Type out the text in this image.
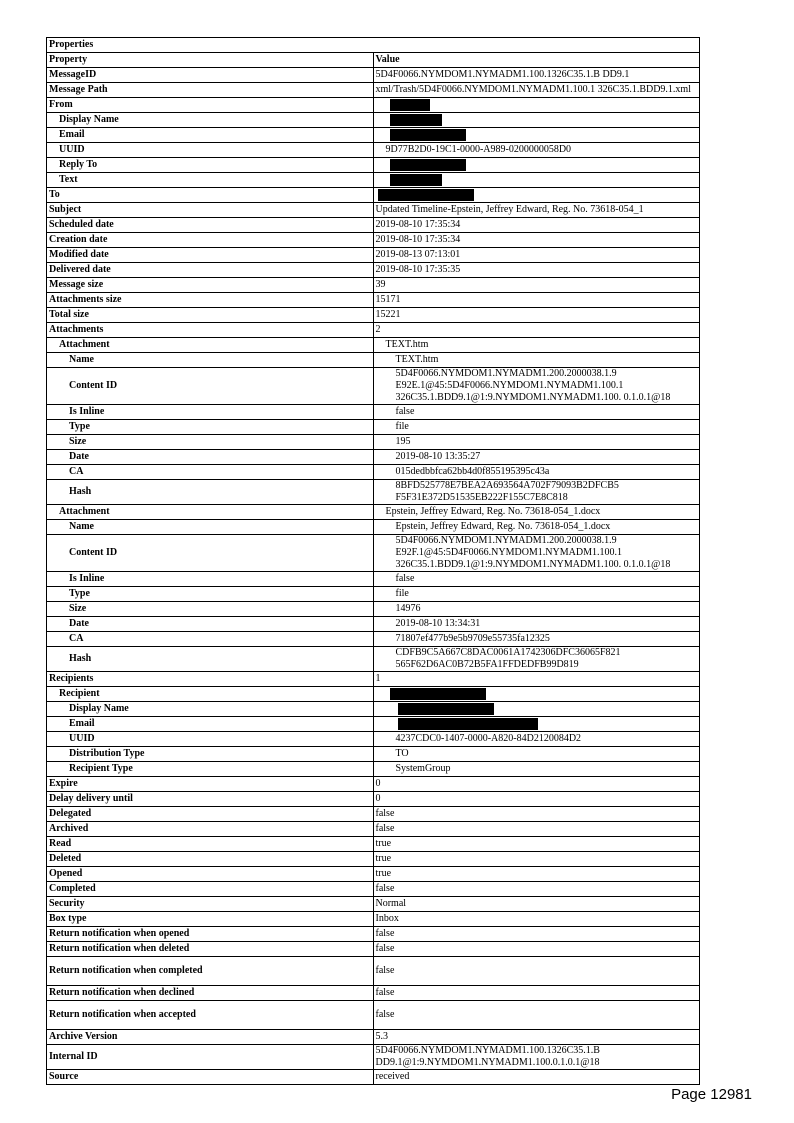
Properties	
Property	Value
MessageID	5D4F0066.NYMDOM1.NYMADM1.100.1326C35.1.B DD9.1
Message Path	xml/Trash/5D4F0066.NYMDOM1.NYMADM1.100.1 326C35.1.BDD9.1.xml
From	
Display Name	
Email	
UUID	9D77B2D0-19C1-0000-A989-0200000058D0
Reply To	
Text	
To	
Subject	Updated Timeline-Epstein, Jeffrey Edward, Reg. No. 73618-054_1
Scheduled date	2019-08-10 17:35:34
Creation date	2019-08-10 17:35:34
Modified date	2019-08-13 07:13:01
Delivered date	2019-08-10 17:35:35
Message size	39
Attachments size	15171
Total size	15221
Attachments	2
Attachment	TEXT.htm
Name	TEXT.htm
Content ID	5D4F0066.NYMDOM1.NYMADM1.200.2000038.1.9
E92E.1@45:5D4F0066.NYMDOM1.NYMADM1.100.1
326C35.1.BDD9.1@1:9.NYMDOM1.NYMADM1.100. 0.1.0.1@18

Is Inline	false
Type	file
Size	195
Date	2019-08-10 13:35:27
CA	015dedbbfca62bb4d0f855195395c43a
Hash	8BFD525778E7BEA2A693564A702F79093B2DFCB5 F5F31E372D51535EB222F155C7E8C818
Attachment	Epstein, Jeffrey Edward, Reg. No. 73618-054_1.docx
Name	Epstein, Jeffrey Edward, Reg. No. 73618-054_1.docx
Content ID	5D4F0066.NYMDOM1.NYMADM1.200.2000038.1.9
E92F.1@45:5D4F0066.NYMDOM1.NYMADM1.100.1
326C35.1.BDD9.1@1:9.NYMDOM1.NYMADM1.100. 0.1.0.1@18

Is Inline	false
Type	file
Size	14976
Date	2019-08-10 13:34:31
CA	71807ef477b9e5b9709e55735fa12325
Hash	CDFB9C5A667C8DAC0061A1742306DFC36065F821 565F62D6AC0B72B5FA1FFDEDFB99D819
Recipients	1
Recipient	
Display Name	
Email	
UUID	4237CDC0-1407-0000-A820-84D2120084D2
Distribution Type	TO
Recipient Type	SystemGroup
Expire	0
Delay delivery until	0
Delegated	false
Archived	false
Read	true
Deleted	true
Opened	true
Completed	false
Security	Normal
Box type	Inbox
Return notification when opened	false
Return notification when deleted	false
Return notification when completed	false
Return notification when declined	false
Return notification when accepted	false
Archive Version	5.3
Internal ID	5D4F0066.NYMDOM1.NYMADM1.100.1326C35.1.B DD9.1@1:9.NYMDOM1.NYMADM1.100.0.1.0.1@18
Source	received
Page 12981
